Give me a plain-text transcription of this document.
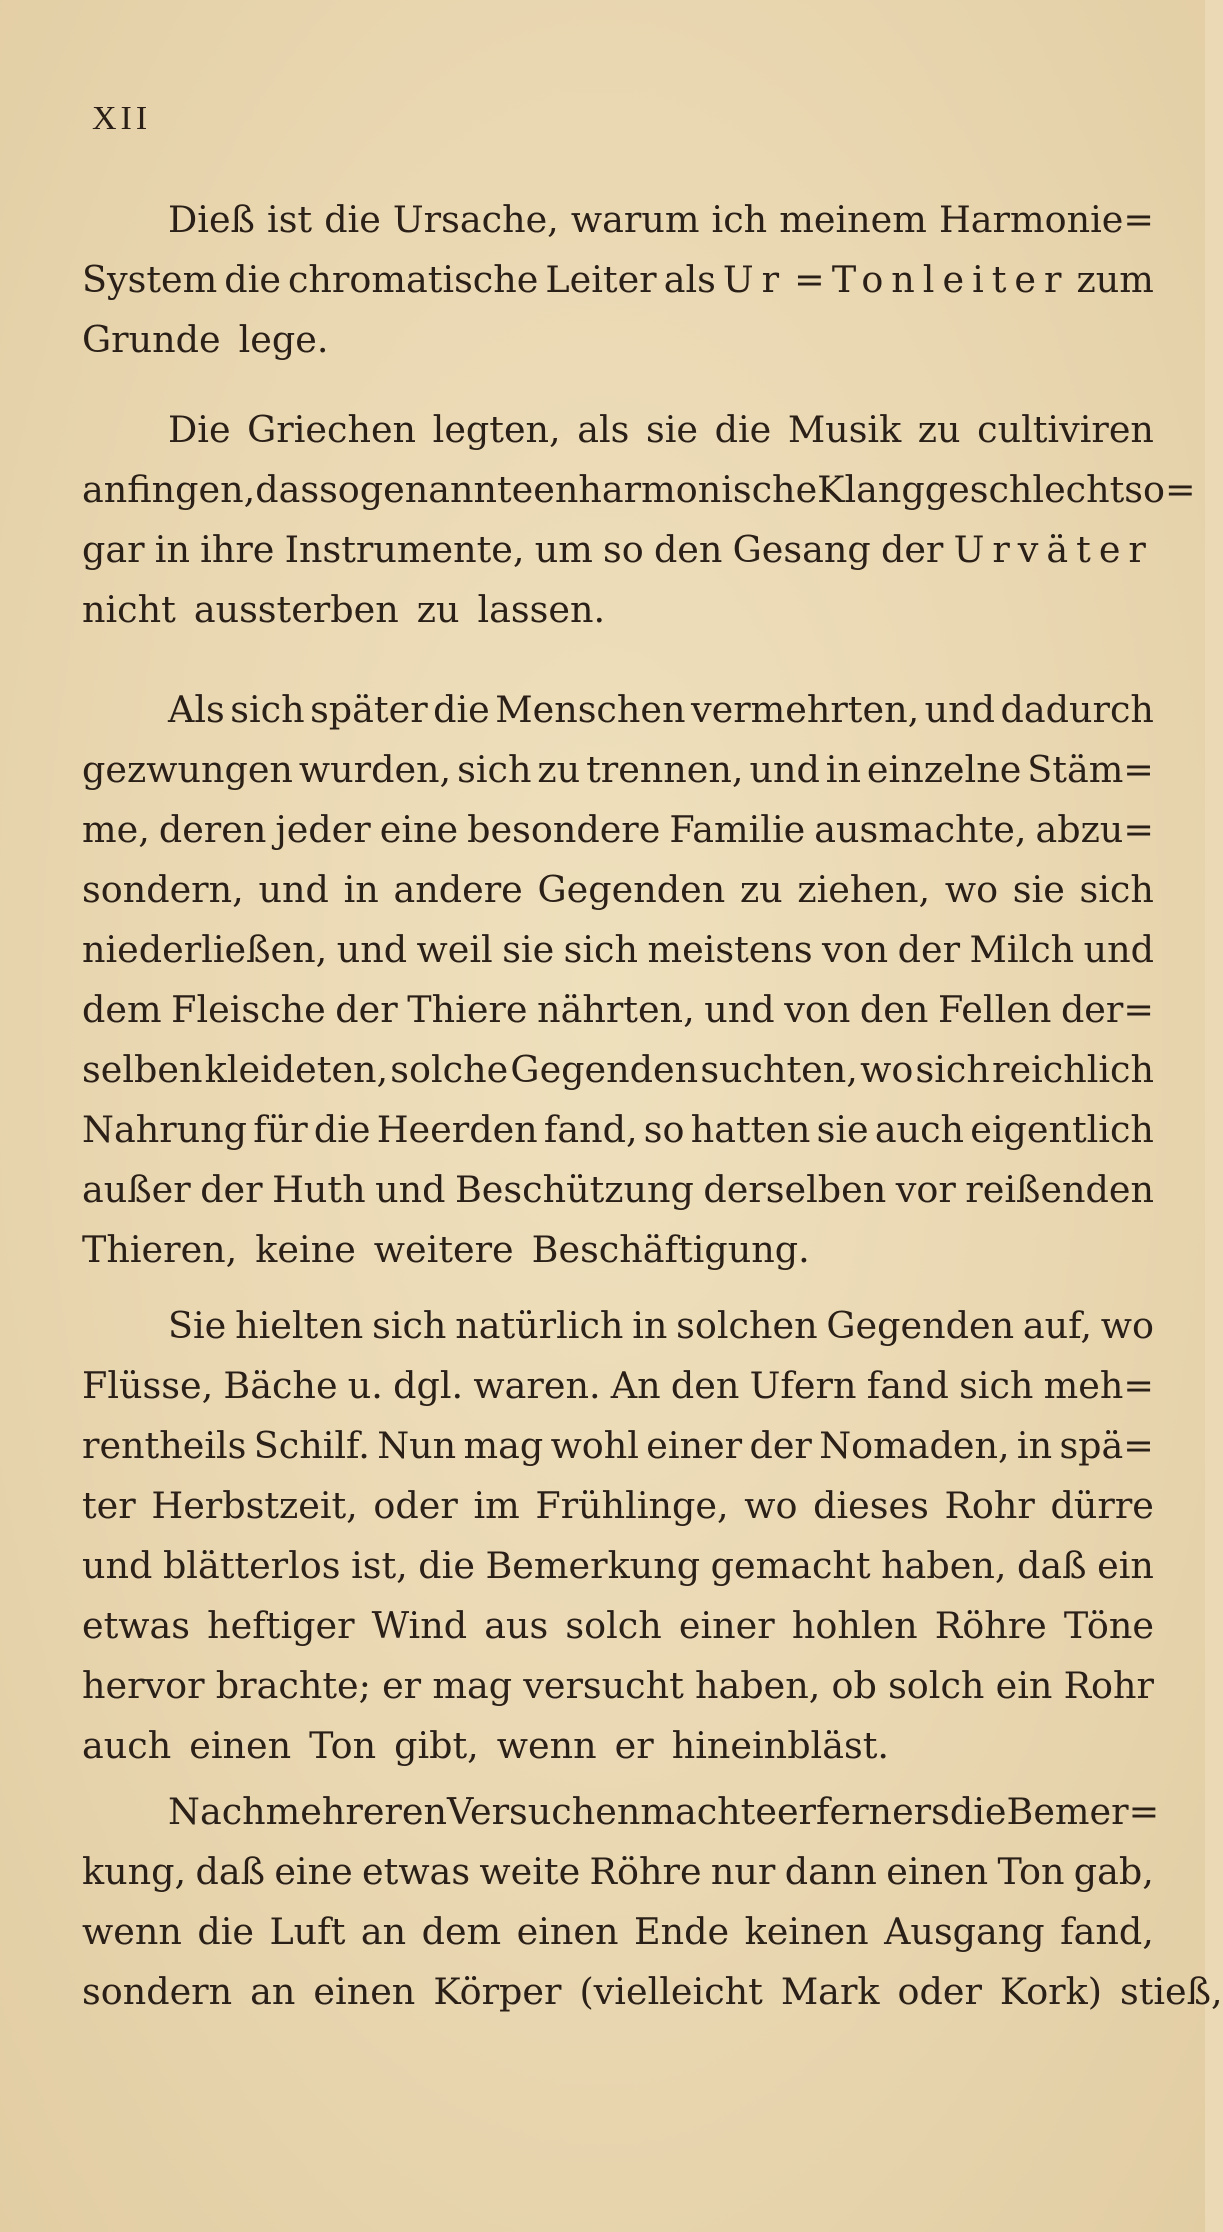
XII
Dieß ist die Ursache, warum ich meinem Harmonie=
System die chromatische Leiter als Ur = Tonleiter zum
Grunde lege.
Die Griechen legten, als sie die Musik zu cultiviren
anfingen, das sogenannte enharmonische Klanggeschlecht so=
gar in ihre Instrumente, um so den Gesang der Urväter
nicht aussterben zu lassen.
Als sich später die Menschen vermehrten, und dadurch
gezwungen wurden, sich zu trennen, und in einzelne Stäm=
me, deren jeder eine besondere Familie ausmachte, abzu=
sondern, und in andere Gegenden zu ziehen, wo sie sich
niederließen, und weil sie sich meistens von der Milch und
dem Fleische der Thiere nährten, und von den Fellen der=
selben kleideten, solche Gegenden suchten, wo sich reichlich
Nahrung für die Heerden fand, so hatten sie auch eigentlich
außer der Huth und Beschützung derselben vor reißenden
Thieren, keine weitere Beschäftigung.
Sie hielten sich natürlich in solchen Gegenden auf, wo
Flüsse, Bäche u. dgl. waren. An den Ufern fand sich meh=
rentheils Schilf. Nun mag wohl einer der Nomaden, in spä=
ter Herbstzeit, oder im Frühlinge, wo dieses Rohr dürre
und blätterlos ist, die Bemerkung gemacht haben, daß ein
etwas heftiger Wind aus solch einer hohlen Röhre Töne
hervor brachte; er mag versucht haben, ob solch ein Rohr
auch einen Ton gibt, wenn er hineinbläst.
Nach mehreren Versuchen machte er ferners die Bemer=
kung, daß eine etwas weite Röhre nur dann einen Ton gab,
wenn die Luft an dem einen Ende keinen Ausgang fand,
sondern an einen Körper (vielleicht Mark oder Kork) stieß,
